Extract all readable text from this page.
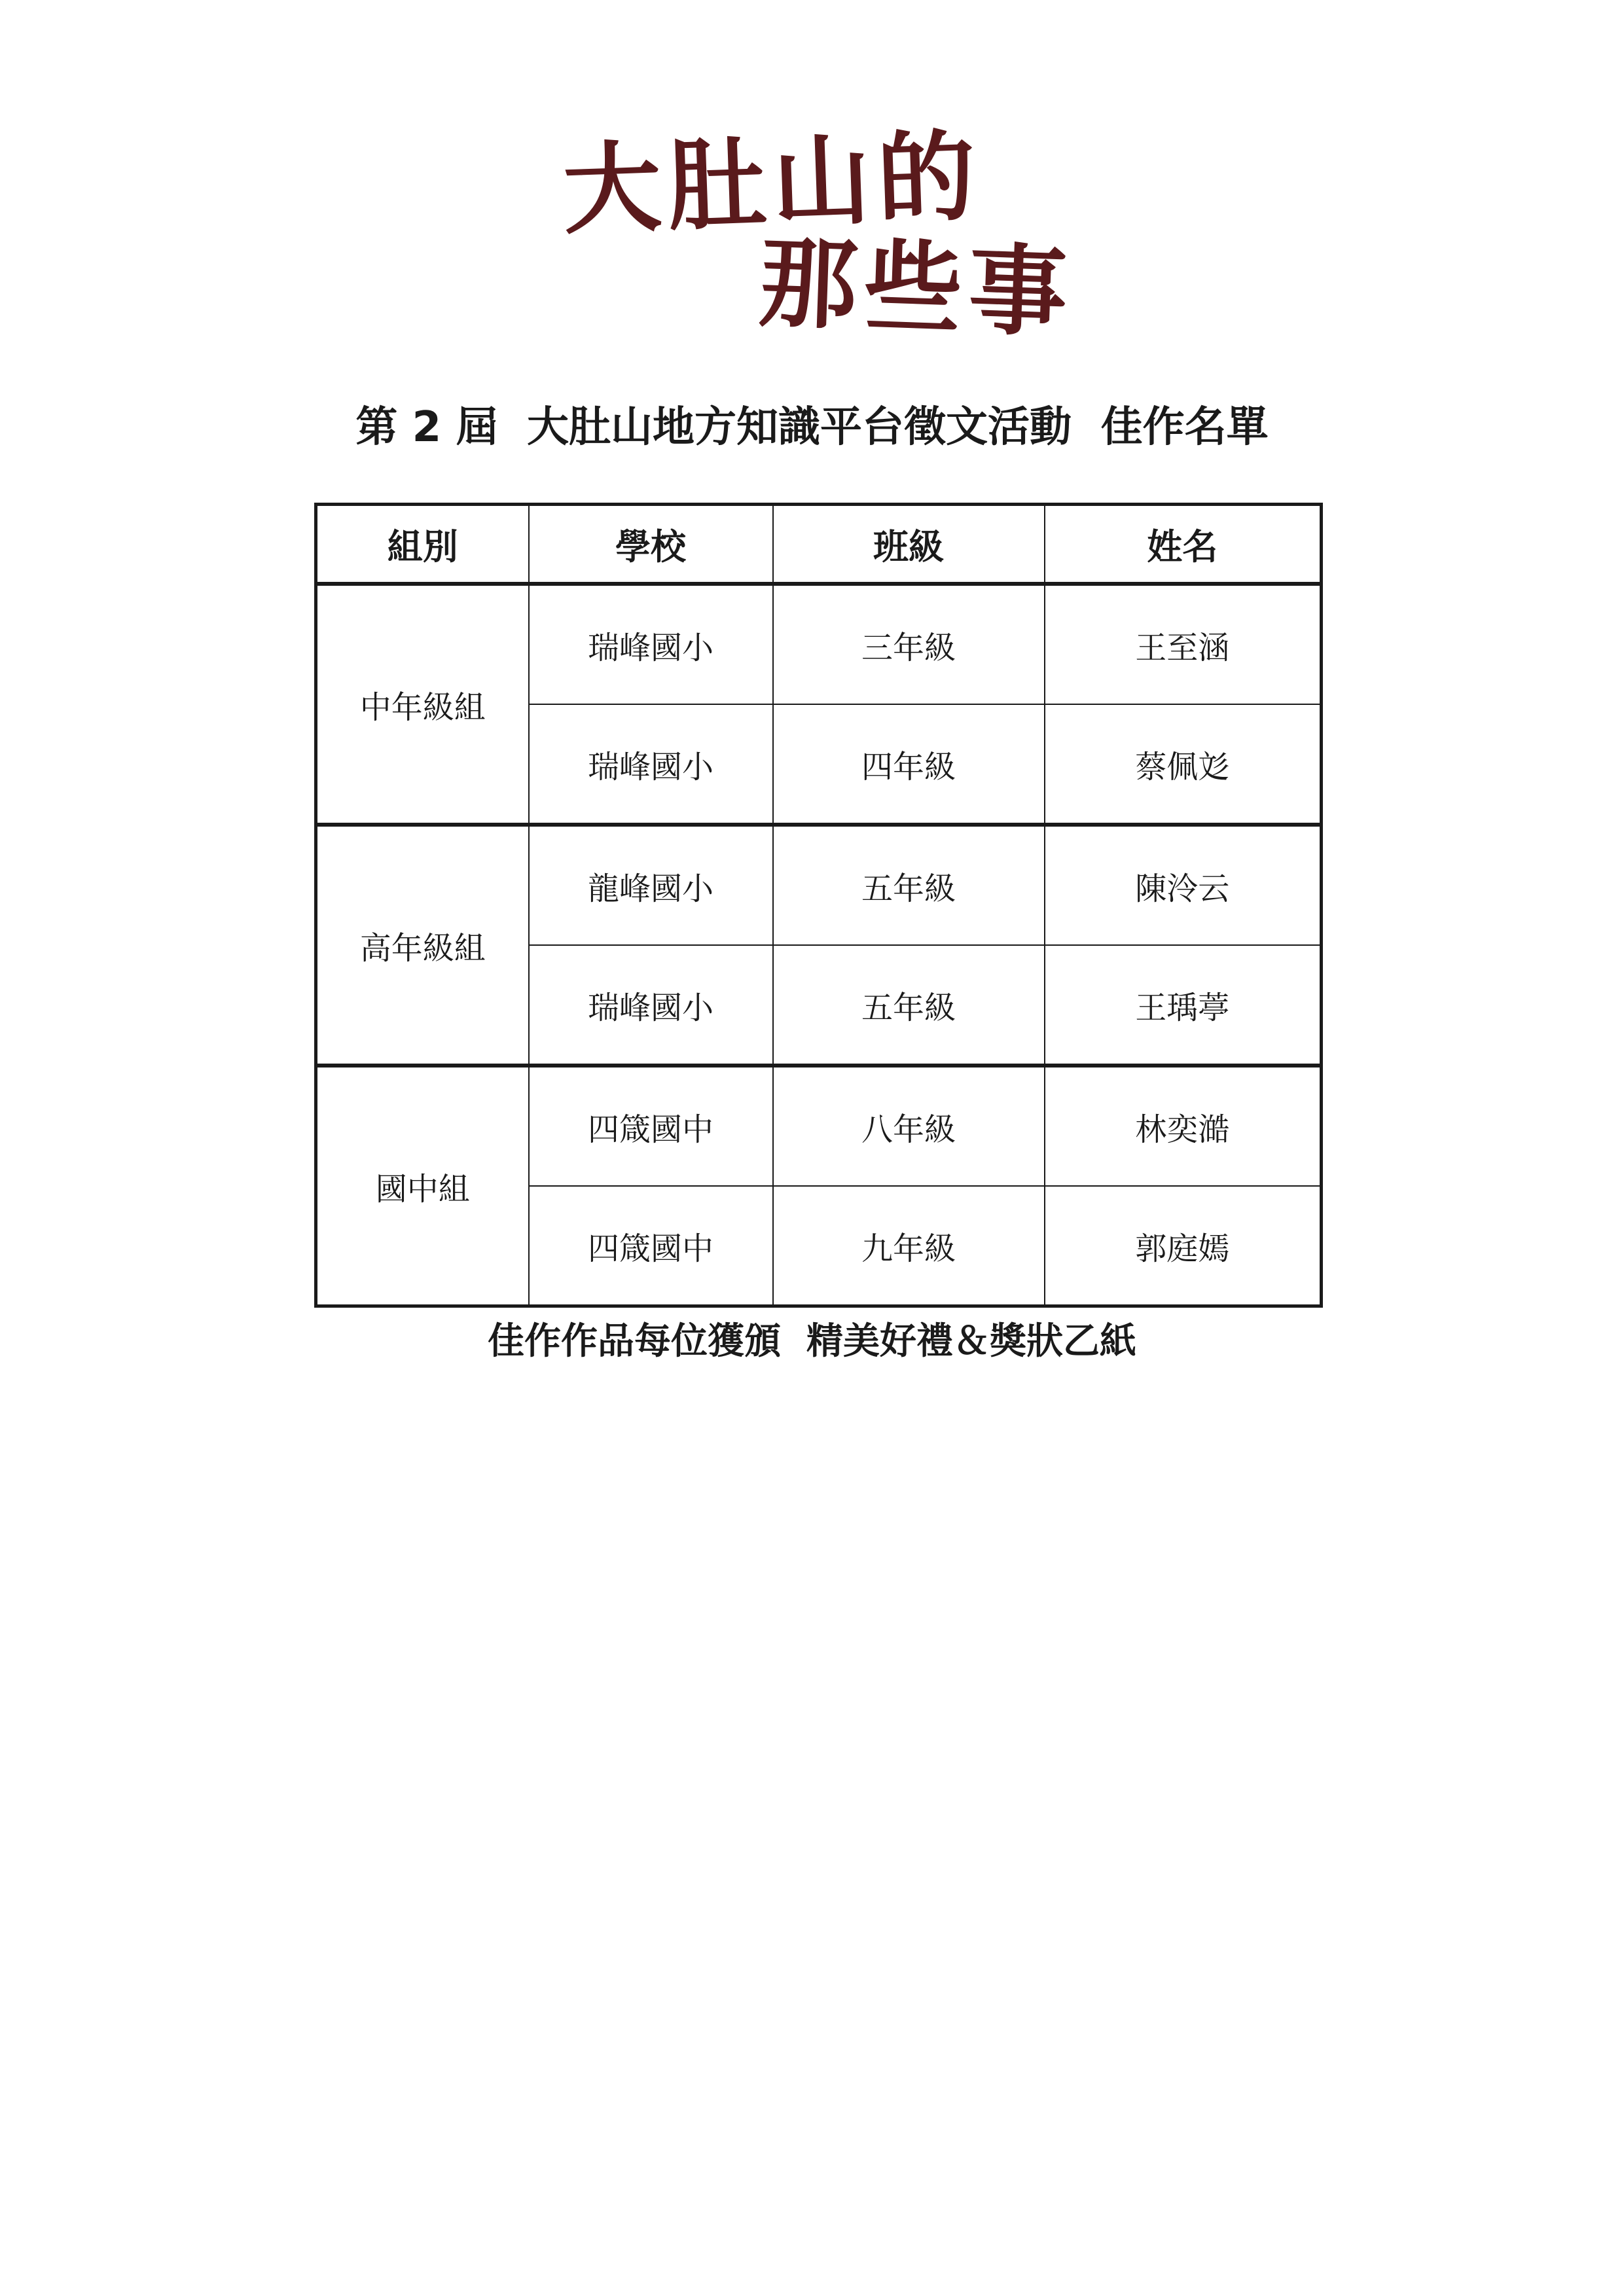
大肚山的
那些事
第 2 屆  大肚山地方知識平台徵文活動  佳作名單
組別	學校	班級	姓名
中年級組	瑞峰國小	三年級	王至涵
	瑞峰國小	四年級	蔡佩彣
高年級組	龍峰國小	五年級	陳泠云
	瑞峰國小	五年級	王瑀葶
國中組	四箴國中	八年級	林奕澔
	四箴國中	九年級	郭庭嫣
佳作作品每位獲頒  精美好禮＆獎狀乙紙
